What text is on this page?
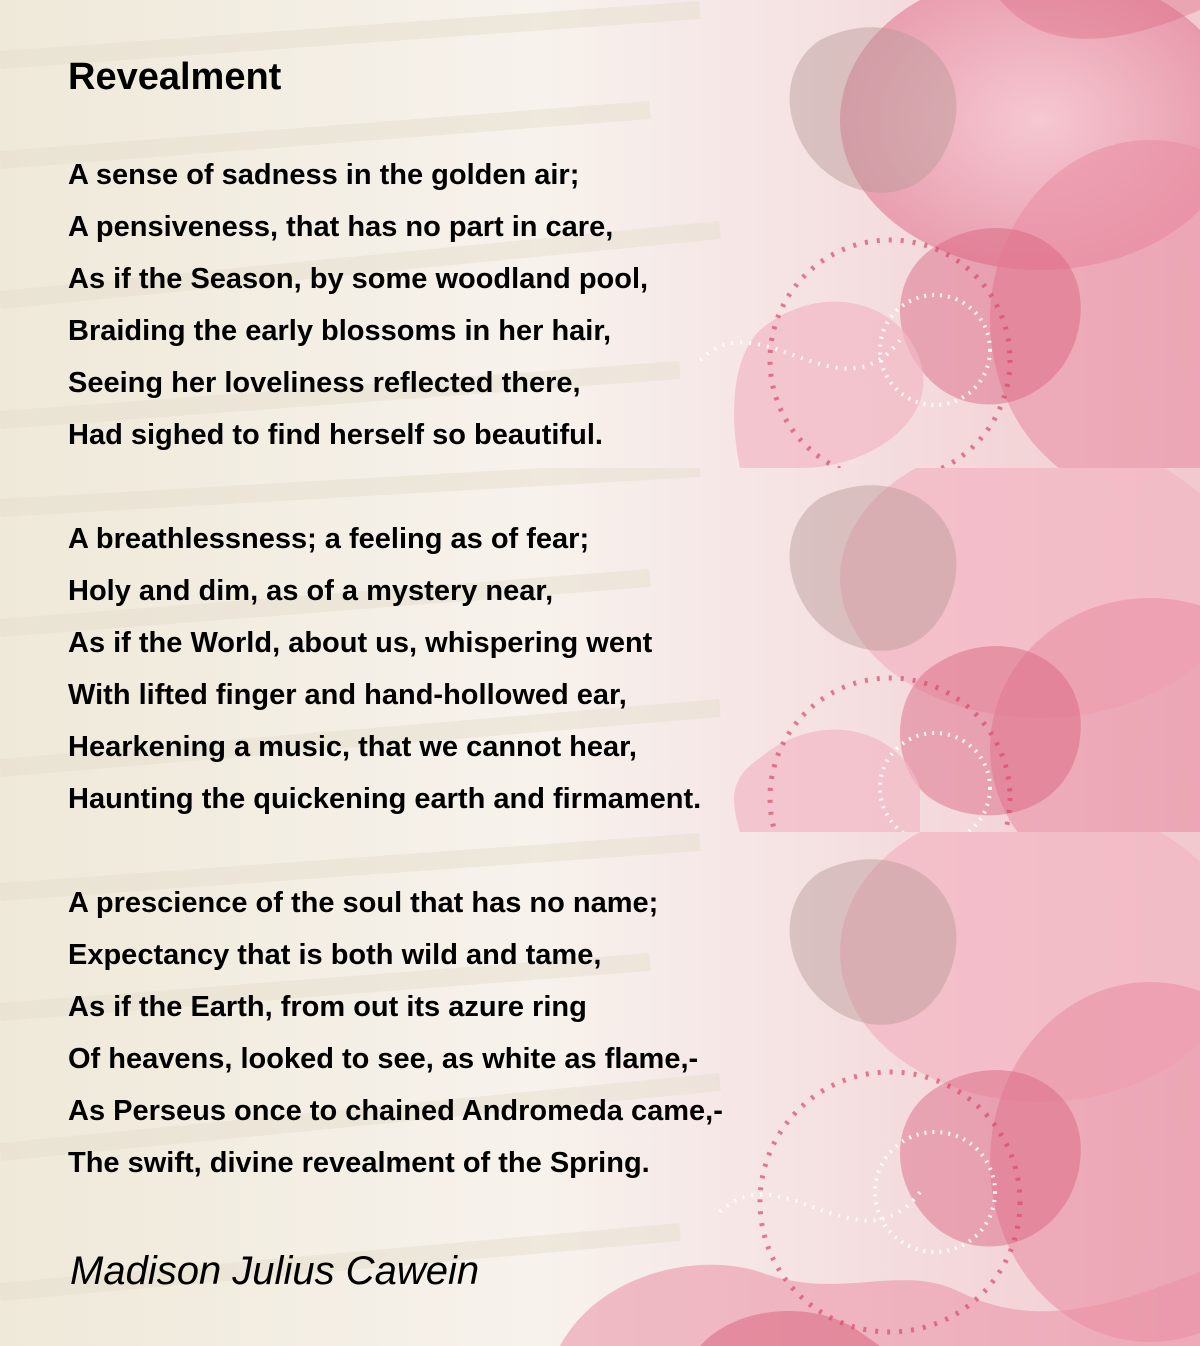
Revealment

A sense of sadness in the golden air;
A pensiveness, that has no part in care,
As if the Season, by some woodland pool,
Braiding the early blossoms in her hair,
Seeing her loveliness reflected there,
Had sighed to find herself so beautiful.

A breathlessness; a feeling as of fear;
Holy and dim, as of a mystery near,
As if the World, about us, whispering went
With lifted finger and hand-hollowed ear,
Hearkening a music, that we cannot hear,
Haunting the quickening earth and firmament.

A prescience of the soul that has no name;
Expectancy that is both wild and tame,
As if the Earth, from out its azure ring
Of heavens, looked to see, as white as flame,-
As Perseus once to chained Andromeda came,-
The swift, divine revealment of the Spring.

Madison Julius Cawein
